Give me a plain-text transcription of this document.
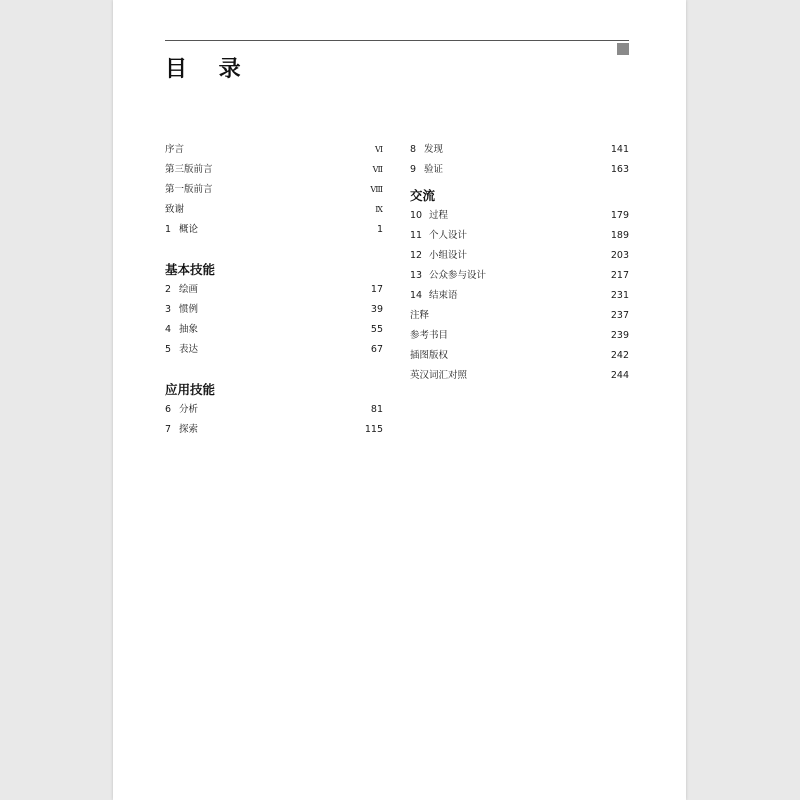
目 录
序言	Ⅵ
第三版前言	Ⅶ
第一版前言	Ⅷ
致谢	Ⅸ
1 概论	1
基本技能
2 绘画	17
3 惯例	39
4 抽象	55
5 表达	67
应用技能
6 分析	81
7 探索	115
8 发现	141
9 验证	163
交流
10 过程	179
11 个人设计	189
12 小组设计	203
13 公众参与设计	217
14 结束语	231
注释	237
参考书目	239
插图版权	242
英汉词汇对照	244
